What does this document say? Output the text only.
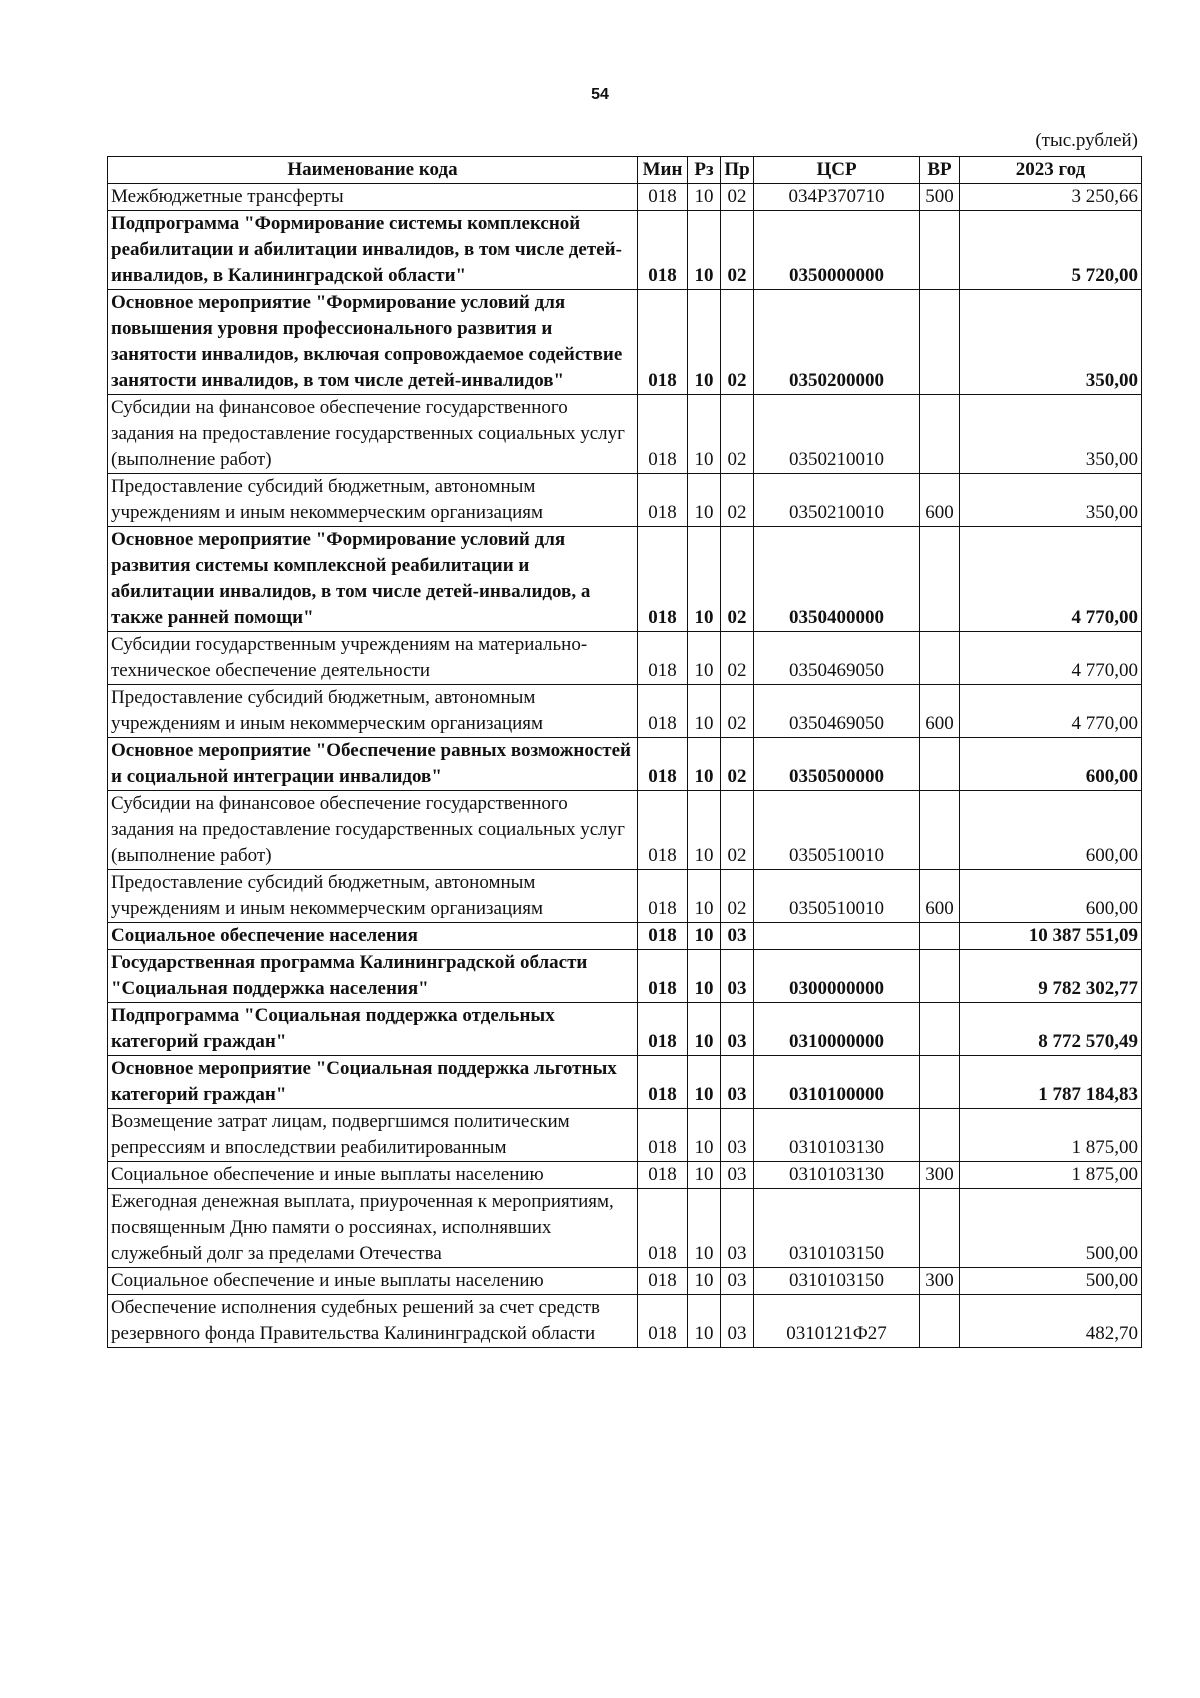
54
(тыс.рублей)
Наименование кода	Мин	Рз	Пр	ЦСР	ВР	2023 год
Межбюджетные трансферты	018	10	02	034Р370710	500	3 250,66
Подпрограмма "Формирование системы комплексной реабилитации и абилитации инвалидов, в том числе детей-инвалидов, в Калининградской области"	018	10	02	0350000000		5 720,00
Основное мероприятие "Формирование условий для повышения уровня профессионального развития и занятости инвалидов, включая сопровождаемое содействие занятости инвалидов, в том числе детей-инвалидов"	018	10	02	0350200000		350,00
Субсидии на финансовое обеспечение государственного задания на предоставление государственных социальных услуг (выполнение работ)	018	10	02	0350210010		350,00
Предоставление субсидий бюджетным, автономным учреждениям и иным некоммерческим организациям	018	10	02	0350210010	600	350,00
Основное мероприятие "Формирование условий для развития системы комплексной реабилитации и абилитации инвалидов, в том числе детей-инвалидов, а также ранней помощи"	018	10	02	0350400000		4 770,00
Субсидии государственным учреждениям на материально-техническое обеспечение деятельности	018	10	02	0350469050		4 770,00
Предоставление субсидий бюджетным, автономным учреждениям и иным некоммерческим организациям	018	10	02	0350469050	600	4 770,00
Основное мероприятие "Обеспечение равных возможностей и социальной интеграции инвалидов"	018	10	02	0350500000		600,00
Субсидии на финансовое обеспечение государственного задания на предоставление государственных социальных услуг (выполнение работ)	018	10	02	0350510010		600,00
Предоставление субсидий бюджетным, автономным учреждениям и иным некоммерческим организациям	018	10	02	0350510010	600	600,00
Социальное обеспечение населения	018	10	03			10 387 551,09
Государственная программа Калининградской области "Социальная поддержка населения"	018	10	03	0300000000		9 782 302,77
Подпрограмма "Социальная поддержка отдельных категорий граждан"	018	10	03	0310000000		8 772 570,49
Основное мероприятие "Социальная поддержка льготных категорий граждан"	018	10	03	0310100000		1 787 184,83
Возмещение затрат лицам, подвергшимся политическим репрессиям и впоследствии реабилитированным	018	10	03	0310103130		1 875,00
Социальное обеспечение и иные выплаты населению	018	10	03	0310103130	300	1 875,00
Ежегодная денежная выплата, приуроченная к мероприятиям, посвященным Дню памяти о россиянах, исполнявших служебный долг за пределами Отечества	018	10	03	0310103150		500,00
Социальное обеспечение и иные выплаты населению	018	10	03	0310103150	300	500,00
Обеспечение исполнения судебных решений за счет средств резервного фонда Правительства Калининградской области	018	10	03	0310121Ф27		482,70
